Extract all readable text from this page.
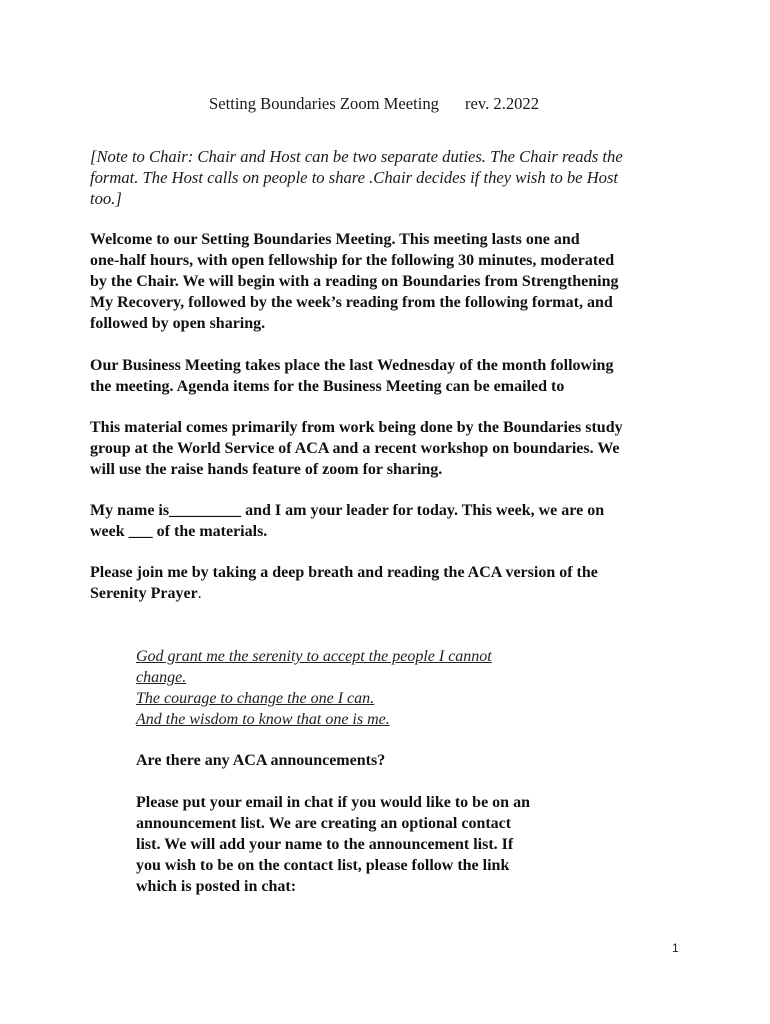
Setting Boundaries Zoom Meeting rev. 2.2022
[Note to Chair: Chair and Host can be two separate duties. The Chair reads the
format. The Host calls on people to share .Chair decides if they wish to be Host
too.]
Welcome to our Setting Boundaries Meeting. This meeting lasts one and
one-half hours, with open fellowship for the following 30 minutes, moderated
by the Chair. We will begin with a reading on Boundaries from Strengthening
My Recovery, followed by the week’s reading from the following format, and
followed by open sharing.
Our Business Meeting takes place the last Wednesday of the month following
the meeting. Agenda items for the Business Meeting can be emailed to
This material comes primarily from work being done by the Boundaries study
group at the World Service of ACA and a recent workshop on boundaries. We
will use the raise hands feature of zoom for sharing.
My name is_________ and I am your leader for today. This week, we are on
week ___ of the materials.
Please join me by taking a deep breath and reading the ACA version of the
Serenity Prayer.
God grant me the serenity to accept the people I cannot
change.
The courage to change the one I can.
And the wisdom to know that one is me.
Are there any ACA announcements?
Please put your email in chat if you would like to be on an
announcement list. We are creating an optional contact
list. We will add your name to the announcement list. If
you wish to be on the contact list, please follow the link
which is posted in chat:
1
